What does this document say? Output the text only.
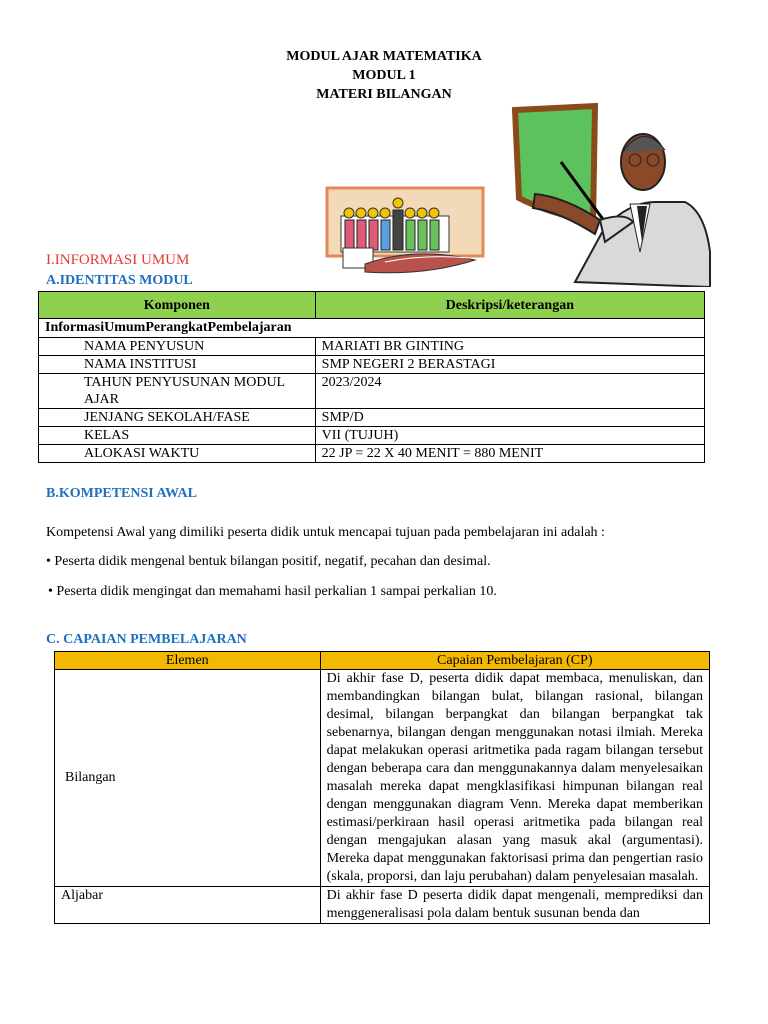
MODUL AJAR MATEMATIKA
MODUL 1
MATERI BILANGAN
I.INFORMASI UMUM
A.IDENTITAS MODUL
Komponen	Deskripsi/keterangan
InformasiUmumPerangkatPembelajaran	
NAMA PENYUSUN	MARIATI BR GINTING
NAMA INSTITUSI	SMP NEGERI 2 BERASTAGI
TAHUN PENYUSUNAN MODUL AJAR	2023/2024
JENJANG SEKOLAH/FASE	SMP/D
KELAS	VII (TUJUH)
ALOKASI WAKTU	22 JP = 22 X 40 MENIT = 880 MENIT
B.KOMPETENSI AWAL
Kompetensi Awal yang dimiliki peserta didik untuk mencapai tujuan pada pembelajaran ini adalah :
• Peserta didik mengenal bentuk bilangan positif, negatif, pecahan dan desimal.
• Peserta didik mengingat dan memahami hasil perkalian 1 sampai perkalian 10.
C. CAPAIAN PEMBELAJARAN
Elemen	Capaian Pembelajaran (CP)
Bilangan	Di akhir fase D, peserta didik dapat membaca, menuliskan, dan membandingkan bilangan bulat, bilangan rasional, bilangan desimal, bilangan berpangkat dan bilangan berpangkat tak sebenarnya, bilangan dengan menggunakan notasi ilmiah. Mereka dapat melakukan operasi aritmetika pada ragam bilangan tersebut dengan beberapa cara dan menggunakannya dalam menyelesaikan masalah mereka dapat mengklasifikasi himpunan bilangan real dengan menggunakan diagram Venn. Mereka dapat memberikan estimasi/perkiraan hasil operasi aritmetika pada bilangan real dengan mengajukan alasan yang masuk akal (argumentasi). Mereka dapat menggunakan faktorisasi prima dan pengertian rasio (skala, proporsi, dan laju perubahan) dalam penyelesaian masalah.
Aljabar	Di akhir fase D peserta didik dapat mengenali, memprediksi dan menggeneralisasi pola dalam bentuk susunan benda dan
